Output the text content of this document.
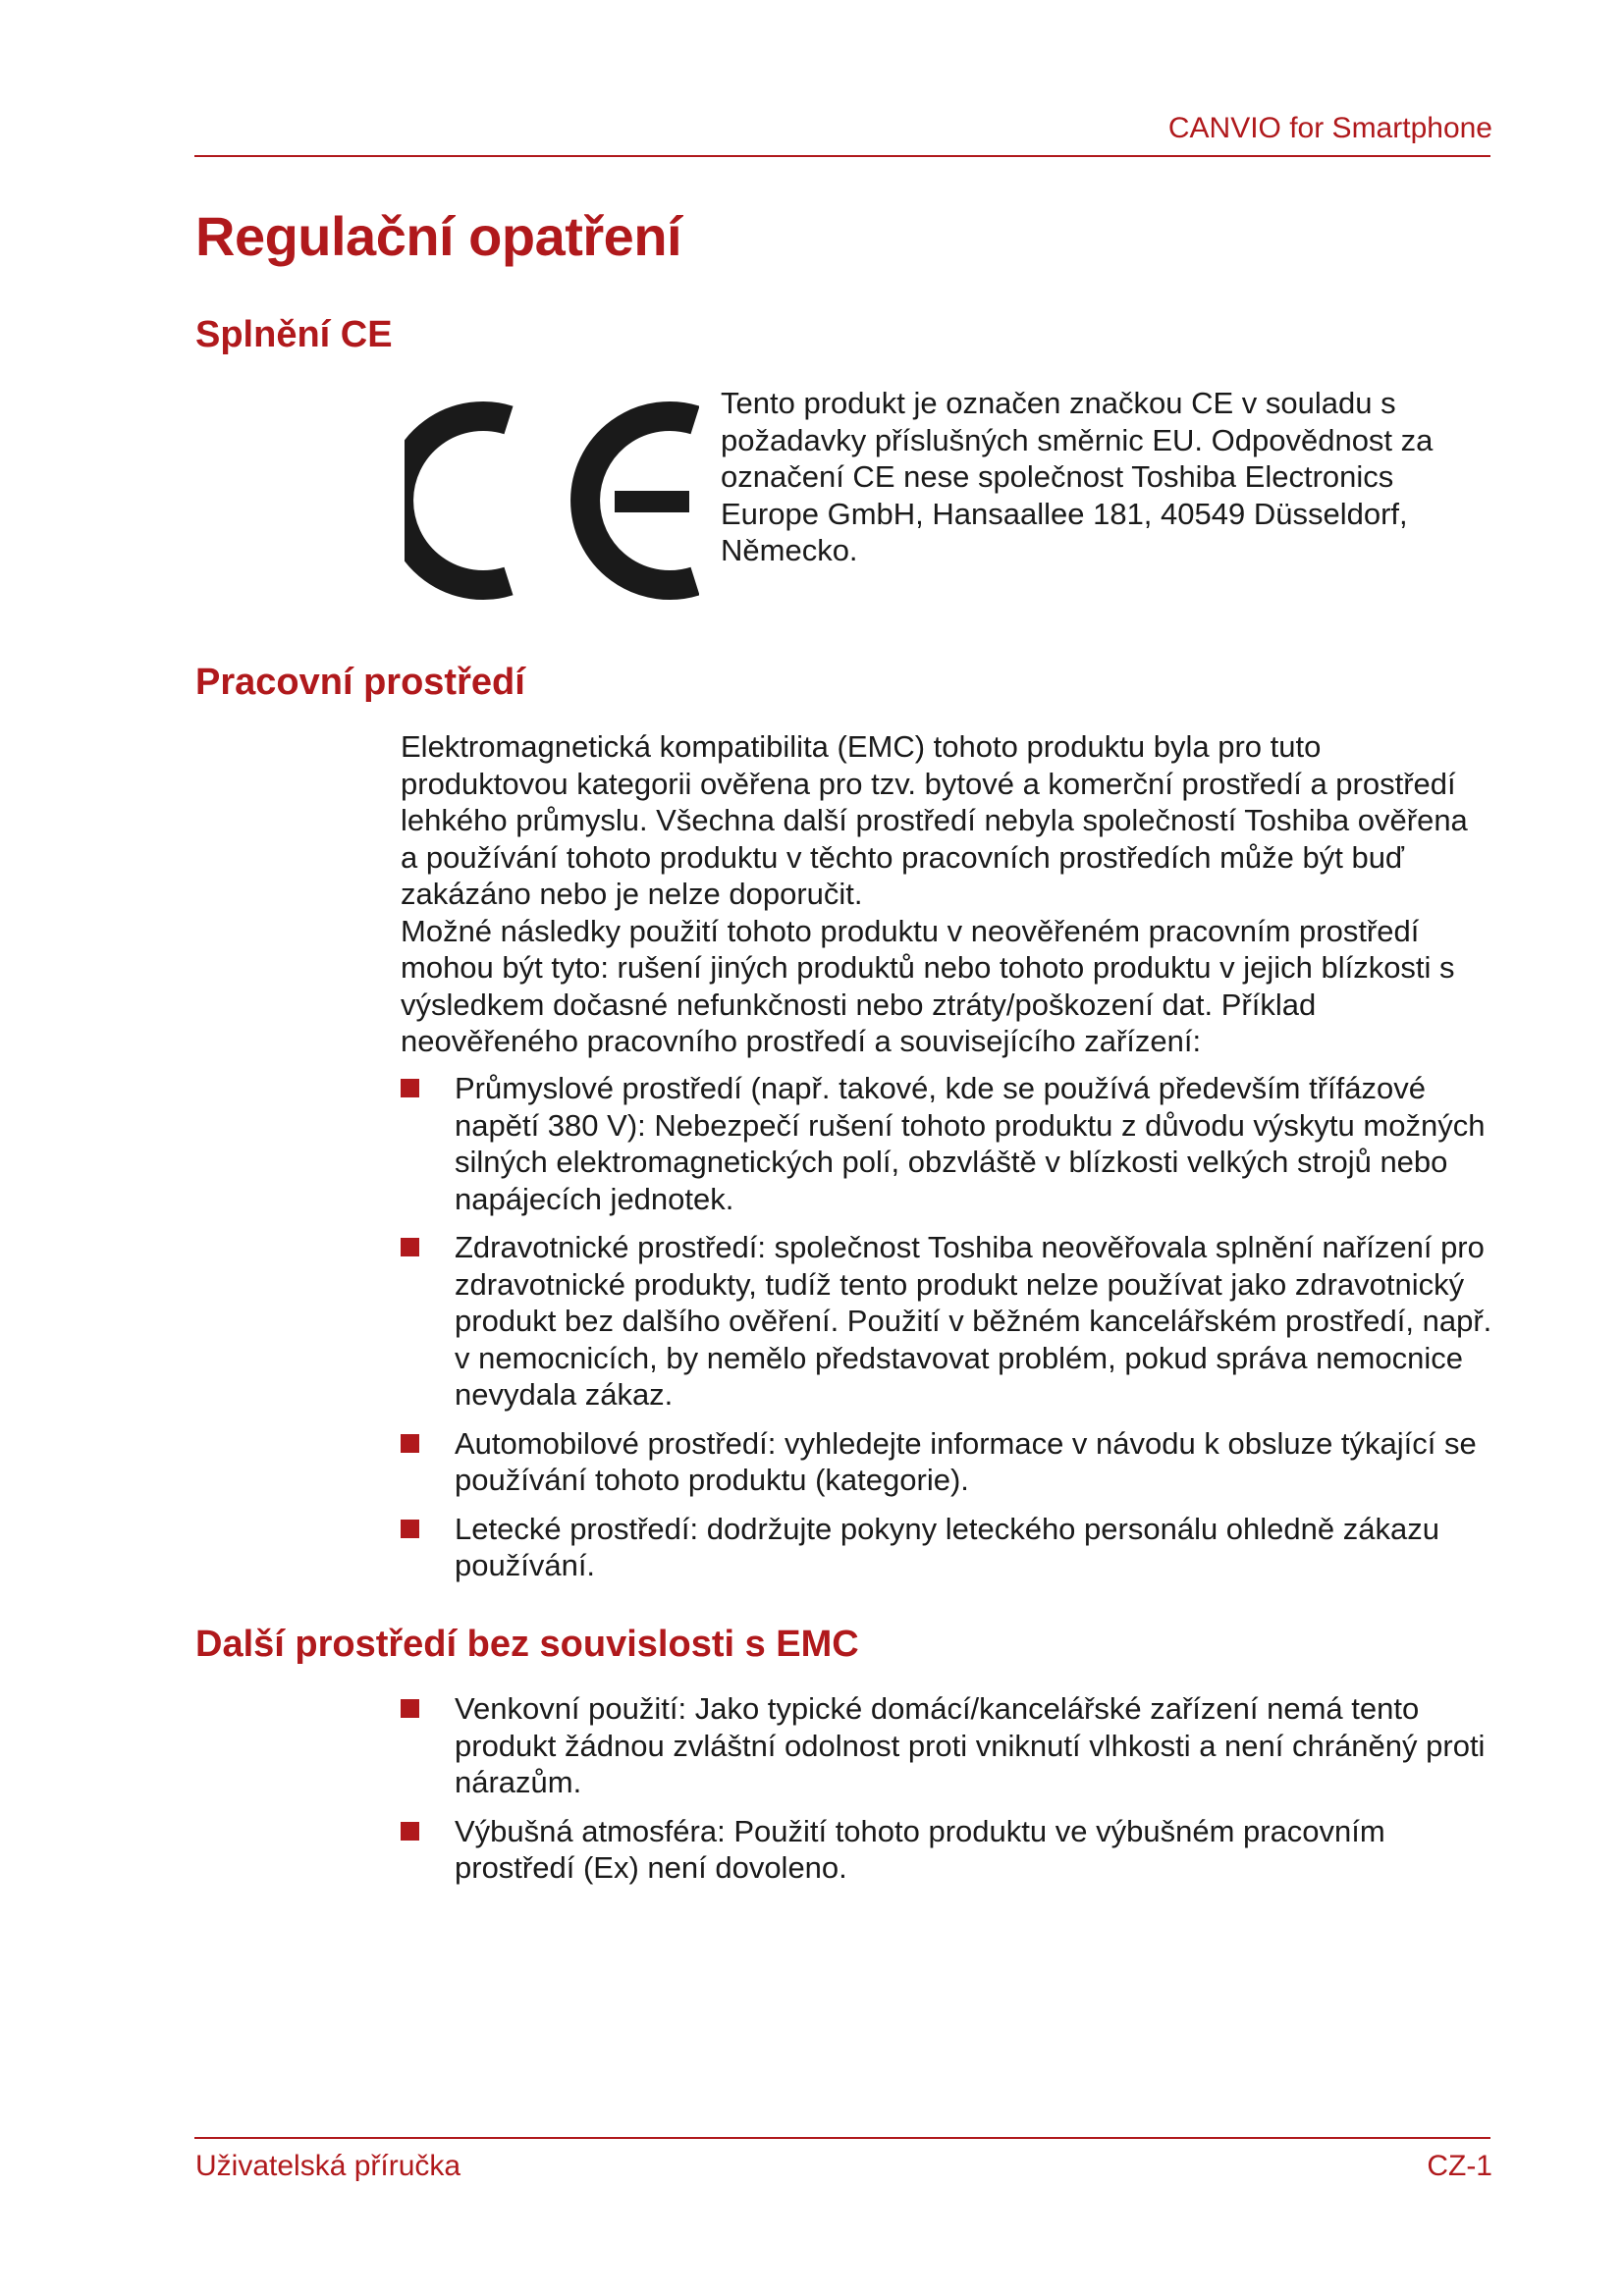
CANVIO for Smartphone
Regulační opatření
Splnění CE

Tento produkt je označen značkou CE v souladu s požadavky příslušných směrnic EU. Odpovědnost za označení CE nese společnost Toshiba Electronics Europe GmbH, Hansaallee 181, 40549 Düsseldorf, Německo.

Pracovní prostředí

Elektromagnetická kompatibilita (EMC) tohoto produktu byla pro tuto produktovou kategorii ověřena pro tzv. bytové a komerční prostředí a prostředí lehkého průmyslu. Všechna další prostředí nebyla společností Toshiba ověřena a používání tohoto produktu v těchto pracovních prostředích může být buď zakázáno nebo je nelze doporučit.

Možné následky použití tohoto produktu v neověřeném pracovním prostředí mohou být tyto: rušení jiných produktů nebo tohoto produktu v jejich blízkosti s výsledkem dočasné nefunkčnosti nebo ztráty/poškození dat. Příklad neověřeného pracovního prostředí a souvisejícího zařízení:

Průmyslové prostředí (např. takové, kde se používá především třífázové napětí 380 V): Nebezpečí rušení tohoto produktu z důvodu výskytu možných silných elektromagnetických polí, obzvláště v blízkosti velkých strojů nebo napájecích jednotek.
Zdravotnické prostředí: společnost Toshiba neověřovala splnění nařízení pro zdravotnické produkty, tudíž tento produkt nelze používat jako zdravotnický produkt bez dalšího ověření. Použití v běžném kancelářském prostředí, např. v nemocnicích, by nemělo představovat problém, pokud správa nemocnice nevydala zákaz.
Automobilové prostředí: vyhledejte informace v návodu k obsluze týkající se používání tohoto produktu (kategorie).
Letecké prostředí: dodržujte pokyny leteckého personálu ohledně zákazu používání.
Další prostředí bez souvislosti s EMC
Venkovní použití: Jako typické domácí/kancelářské zařízení nemá tento produkt žádnou zvláštní odolnost proti vniknutí vlhkosti a není chráněný proti nárazům.
Výbušná atmosféra: Použití tohoto produktu ve výbušném pracovním prostředí (Ex) není dovoleno.
Uživatelská příručka	CZ-1
